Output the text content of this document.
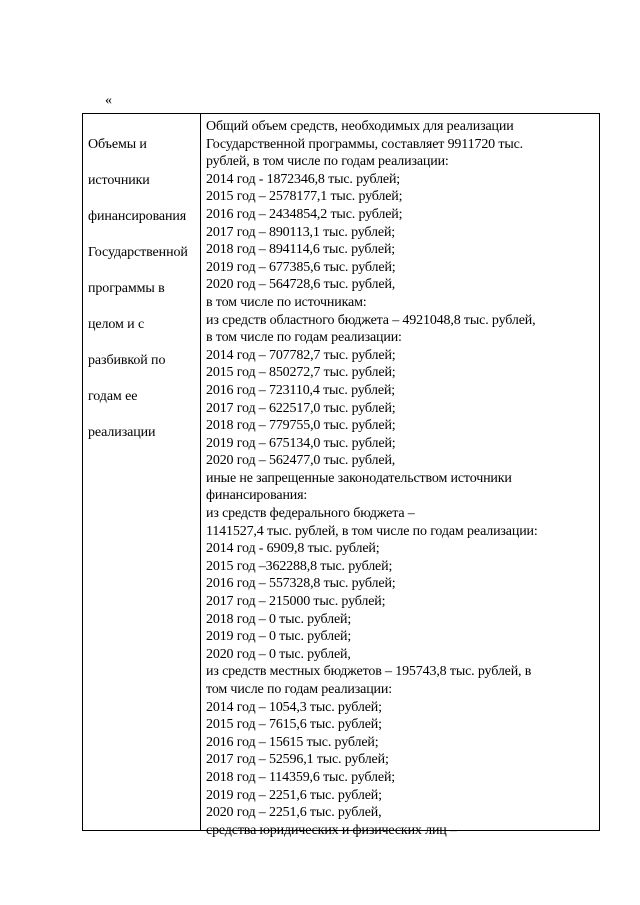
«

Объемы и

источники

финансирования

Государственной

программы в

целом и с

разбивкой по

годам ее

реализации

Общий объем средств, необходимых для реализации
Государственной программы, составляет 9911720 тыс.
рублей, в том числе по годам реализации:
2014 год - 1872346,8 тыс. рублей;
2015 год – 2578177,1 тыс. рублей;
2016 год – 2434854,2 тыс. рублей;
2017 год – 890113,1 тыс. рублей;
2018 год – 894114,6 тыс. рублей;
2019 год – 677385,6 тыс. рублей;
2020 год – 564728,6 тыс. рублей,
в том числе по источникам:
из средств областного бюджета – 4921048,8 тыс. рублей,
в том числе по годам реализации:
2014 год – 707782,7 тыс. рублей;
2015 год – 850272,7 тыс. рублей;
2016 год – 723110,4 тыс. рублей;
2017 год – 622517,0 тыс. рублей;
2018 год – 779755,0 тыс. рублей;
2019 год – 675134,0 тыс. рублей;
2020 год – 562477,0 тыс. рублей,
иные не запрещенные законодательством источники
финансирования:
из средств федерального бюджета –
1141527,4 тыс. рублей, в том числе по годам реализации:
2014 год - 6909,8 тыс. рублей;
2015 год –362288,8 тыс. рублей;
2016 год – 557328,8 тыс. рублей;
2017 год – 215000 тыс. рублей;
2018 год – 0 тыс. рублей;
2019 год – 0 тыс. рублей;
2020 год – 0 тыс. рублей,
из средств местных бюджетов – 195743,8 тыс. рублей, в
том числе по годам реализации:
2014 год – 1054,3 тыс. рублей;
2015 год – 7615,6 тыс. рублей;
2016 год – 15615 тыс. рублей;
2017 год – 52596,1 тыс. рублей;
2018 год – 114359,6 тыс. рублей;
2019 год – 2251,6 тыс. рублей;
2020 год – 2251,6 тыс. рублей,
средства юридических и физических лиц –
